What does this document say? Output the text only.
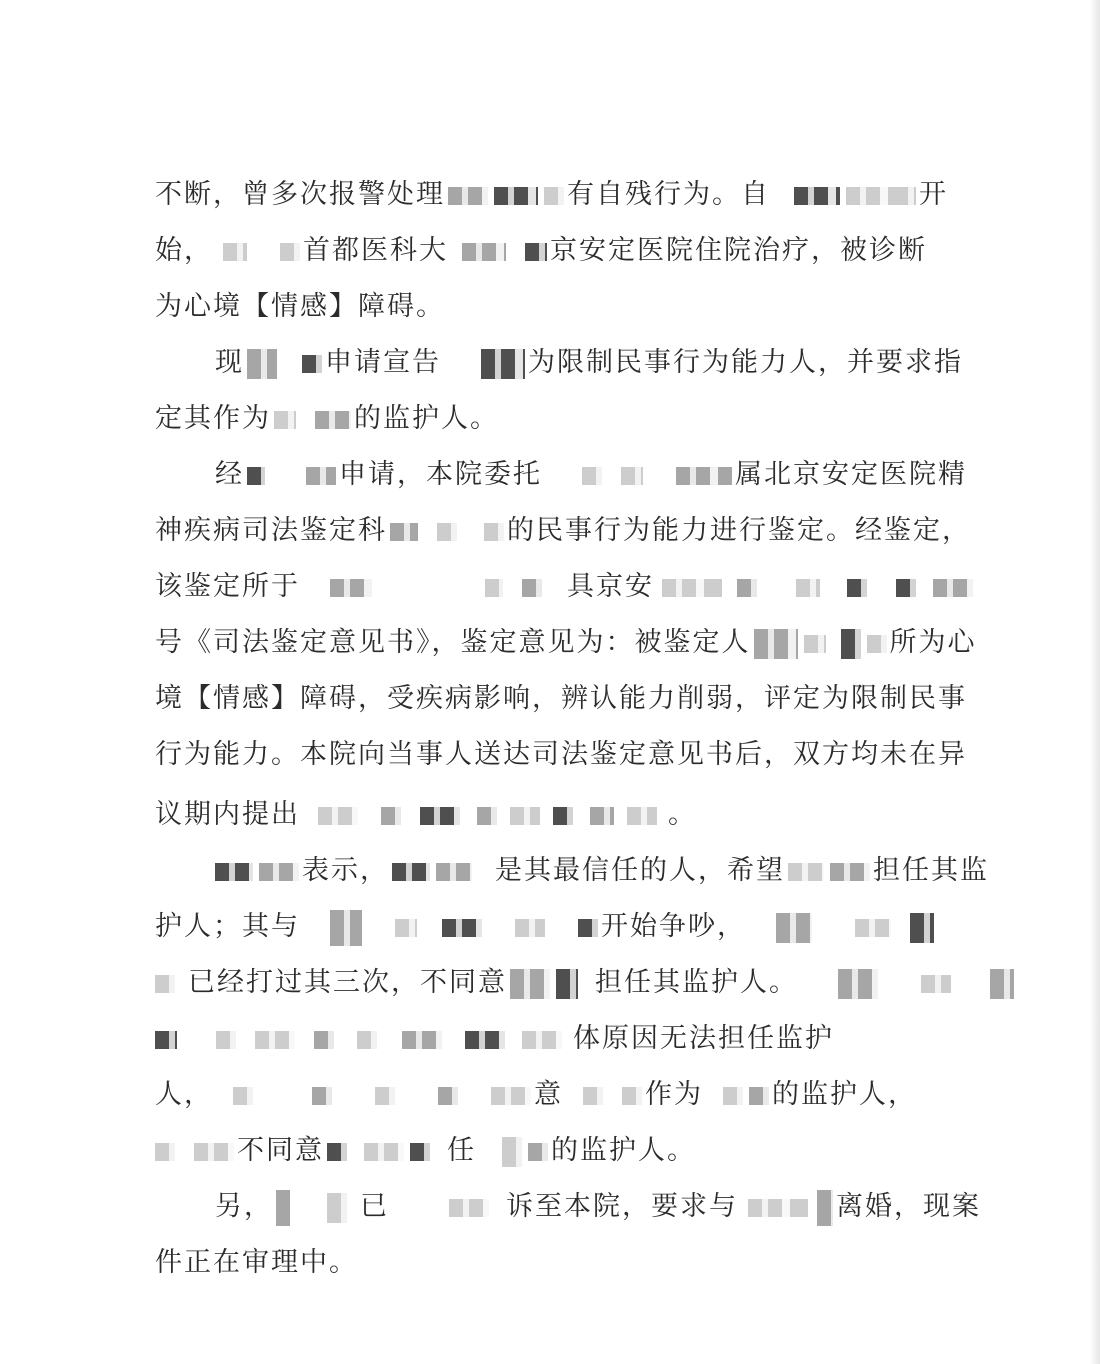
不断，曾多次报警处理	有自残行为。自	开
始，	首都医科大	京安定医院住院治疗，被诊断
为心境【情感】障碍。
现	申请宣告	为限制民事行为能力人，并要求指
定其作为	的监护人。
经	申请，本院委托	属北京安定医院精
神疾病司法鉴定科	的民事行为能力进行鉴定。经鉴定，
该鉴定所于	具京安
号《司法鉴定意见书》，鉴定意见为：被鉴定人	所为心
境【情感】障碍，受疾病影响，辨认能力削弱，评定为限制民事
行为能力。本院向当事人送达司法鉴定意见书后，双方均未在异
议期内提出	。
表示，	是其最信任的人，希望	担任其监
护人；其与	开始争吵，
已经打过其三次，不同意	担任其监护人。
体原因无法担任监护
人，	意	作为	的监护人，
不同意	任	的监护人。
另，	已	诉至本院，要求与	离婚，现案
件正在审理中。
